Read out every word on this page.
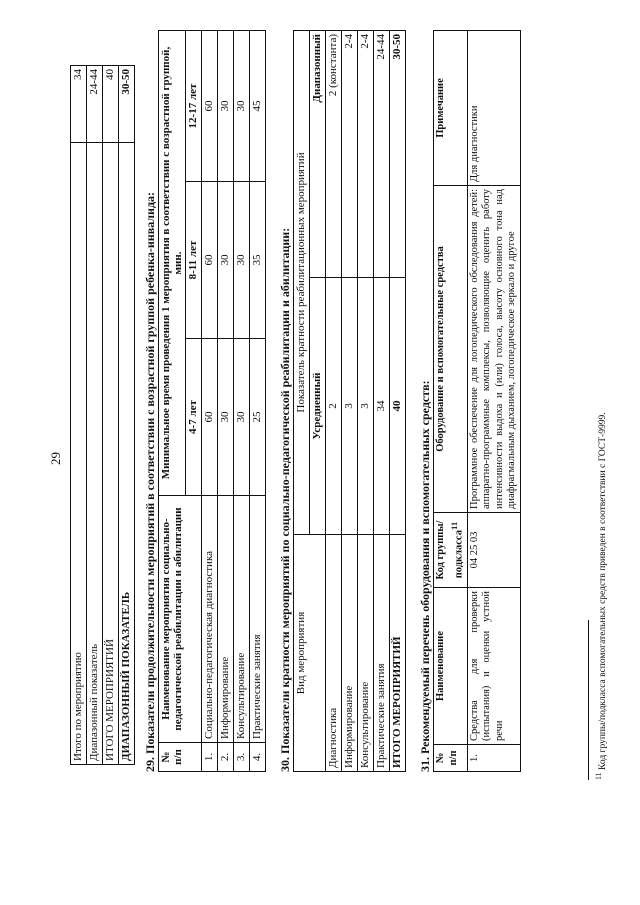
29
Итого по мероприятию	34
Диапазонный показатель	24-44
ИТОГО МЕРОПРИЯТИЙ	40
ДИАПАЗОННЫЙ ПОКАЗАТЕЛЬ	30-50
29. Показатели продолжительности мероприятий в соответствии с возрастной группой ребенка-инвалида: № п/п	Наименование мероприятия социально-педагогической реабилитации и абилитации	Минимальное время проведения 1 мероприятия в соответствии с возрастной группой, мин.		
		4-7 лет	8-11 лет	12-17 лет
1.	Социально-педагогическая диагностика	60	60	60
2.	Информирование	30	30	30
3.	Консультирование	30	30	30
4.	Практические занятия	25	35	45
30. Показатели кратности мероприятий по социально-педагогической реабилитации и абилитации: Вид мероприятия	Показатель кратности реабилитационных мероприятий	
	Усредненный	Диапазонный
Диагностика	2	2 (константа)
Информирование	3	2-4
Консультирование	3	2-4
Практические занятия	34	24-44
ИТОГО МЕРОПРИЯТИЙ	40	30-50
31. Рекомендуемый перечень оборудования и вспомогательных средств: № п/п	Наименование	Код группы/ подкласса$^{11}$	Оборудование и вспомогательные средства	Примечание
1.	Средства для проверки (испытания) и оценки устной речи	04 25 03	Программное обеспечение для логопедического обследования детей: аппаратно-программные комплексы, позволяющие оценить работу интенсивности выдоха и (или) голоса, высоту основного тона над диафрагмальным дыханием, логопедическое зеркало и другое	Для диагностики
$^{11}$ Код группы/подкласса вспомогательных средств приведен в соответствии с ГОСТ-9999.
